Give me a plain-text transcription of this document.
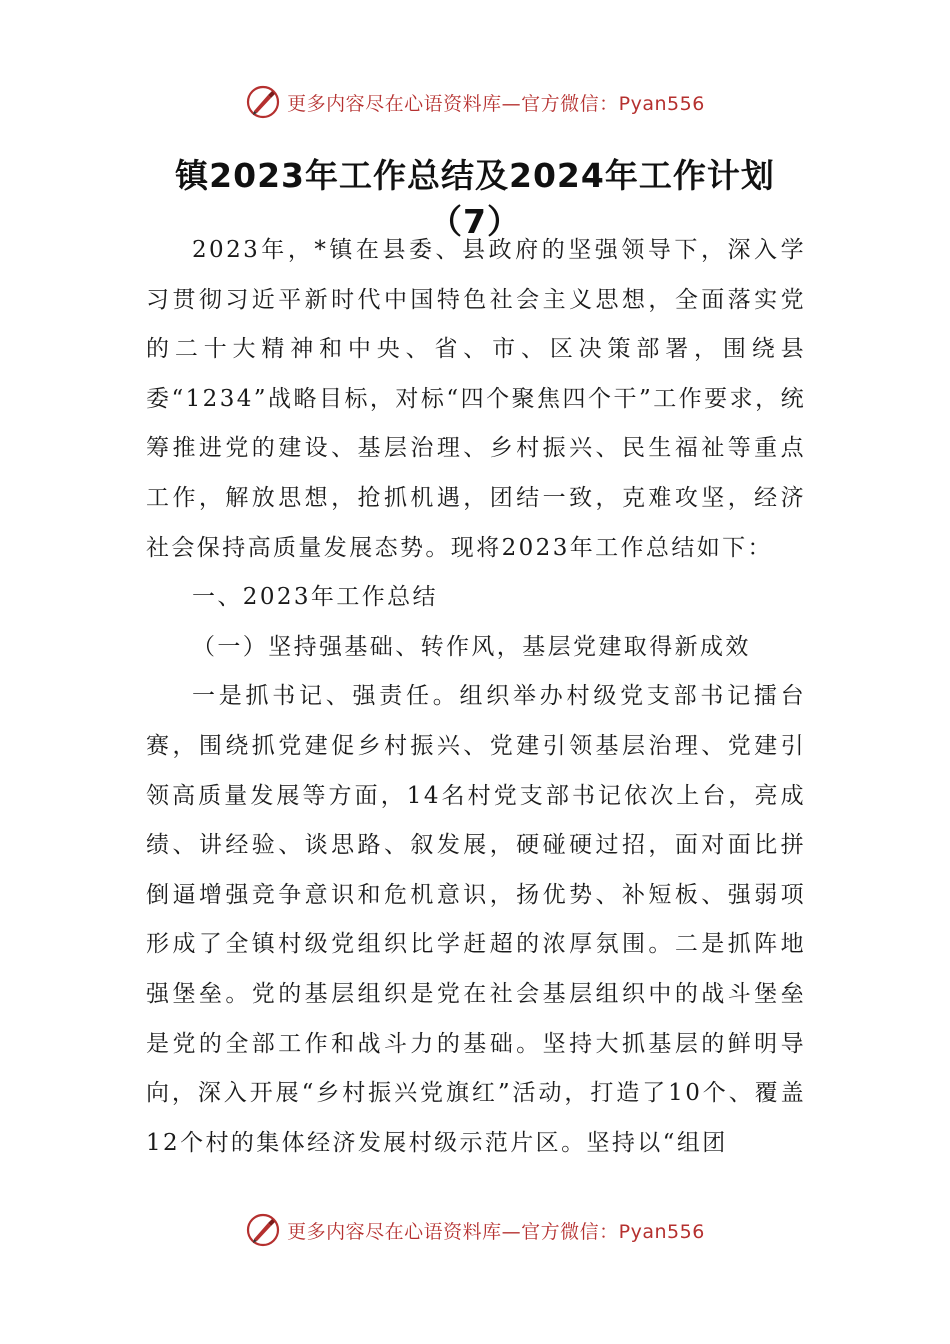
更多内容尽在心语资料库—官方微信：Pyan556
镇2023年工作总结及2024年工作计划
（7）

2023年，*镇在县委、县政府的坚强领导下，深入学习贯彻习近平新时代中国特色社会主义思想，全面落实党的二十大精神和中央、省、市、区决策部署，围绕县委“1234”战略目标，对标“四个聚焦四个干”工作要求，统筹推进党的建设、基层治理、乡村振兴、民生福祉等重点工作，解放思想，抢抓机遇，团结一致，克难攻坚，经济社会保持高质量发展态势。现将2023年工作总结如下：

一、2023年工作总结

（一）坚持强基础、转作风，基层党建取得新成效

一是抓书记、强责任。组织举办村级党支部书记擂台赛，围绕抓党建促乡村振兴、党建引领基层治理、党建引领高质量发展等方面，14名村党支部书记依次上台，亮成绩、讲经验、谈思路、叙发展，硬碰硬过招，面对面比拼倒逼增强竞争意识和危机意识，扬优势、补短板、强弱项形成了全镇村级党组织比学赶超的浓厚氛围。二是抓阵地强堡垒。党的基层组织是党在社会基层组织中的战斗堡垒是党的全部工作和战斗力的基础。坚持大抓基层的鲜明导向，深入开展“乡村振兴党旗红”活动，打造了10个、覆盖12个村的集体经济发展村级示范片区。坚持以“组团

更多内容尽在心语资料库—官方微信：Pyan556
